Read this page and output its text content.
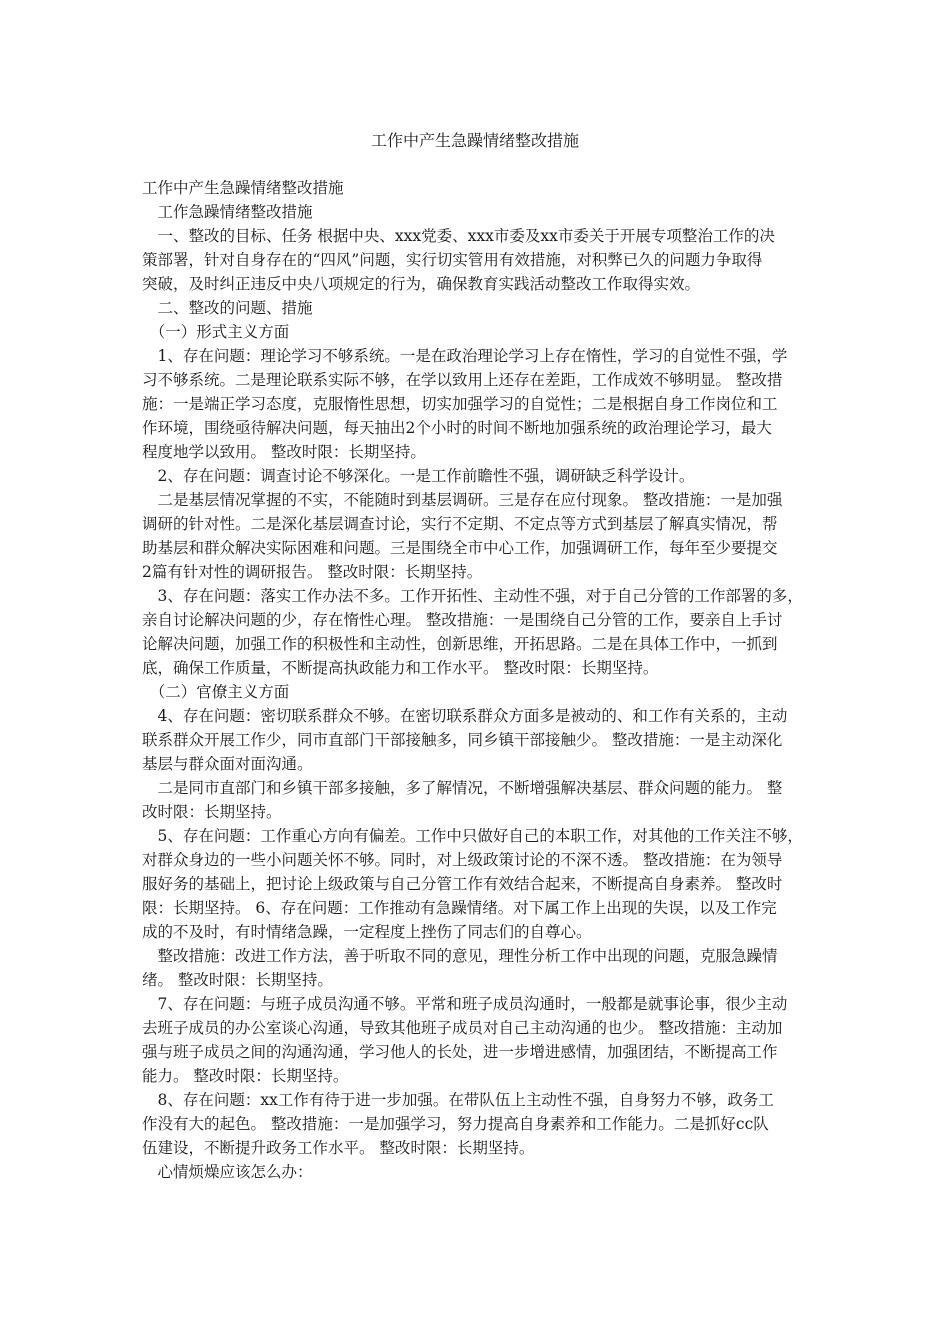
工作中产生急躁情绪整改措施
工作中产生急躁情绪整改措施
　工作急躁情绪整改措施
　一、整改的目标、任务 根据中央、xxx党委、xxx市委及xx市委关于开展专项整治工作的决
策部署，针对自身存在的“四风”问题，实行切实管用有效措施，对积弊已久的问题力争取得
突破，及时纠正违反中央八项规定的行为，确保教育实践活动整改工作取得实效。
　二、整改的问题、措施
　（一）形式主义方面
　1、存在问题：理论学习不够系统。一是在政治理论学习上存在惰性，学习的自觉性不强，学
习不够系统。二是理论联系实际不够，在学以致用上还存在差距，工作成效不够明显。 整改措
施：一是端正学习态度，克服惰性思想，切实加强学习的自觉性；二是根据自身工作岗位和工
作环境，围绕亟待解决问题，每天抽出2个小时的时间不断地加强系统的政治理论学习，最大
程度地学以致用。 整改时限：长期坚持。
　2、存在问题：调查讨论不够深化。一是工作前瞻性不强，调研缺乏科学设计。
　二是基层情况掌握的不实，不能随时到基层调研。三是存在应付现象。 整改措施：一是加强
调研的针对性。二是深化基层调查讨论，实行不定期、不定点等方式到基层了解真实情况，帮
助基层和群众解决实际困难和问题。三是围绕全市中心工作，加强调研工作，每年至少要提交
2篇有针对性的调研报告。 整改时限：长期坚持。
　3、存在问题：落实工作办法不多。工作开拓性、主动性不强，对于自己分管的工作部署的多，
亲自讨论解决问题的少，存在惰性心理。 整改措施：一是围绕自己分管的工作，要亲自上手讨
论解决问题，加强工作的积极性和主动性，创新思维，开拓思路。二是在具体工作中，一抓到
底，确保工作质量，不断提高执政能力和工作水平。 整改时限：长期坚持。
　（二）官僚主义方面
　4、存在问题：密切联系群众不够。在密切联系群众方面多是被动的、和工作有关系的，主动
联系群众开展工作少，同市直部门干部接触多，同乡镇干部接触少。 整改措施：一是主动深化
基层与群众面对面沟通。
　二是同市直部门和乡镇干部多接触，多了解情况，不断增强解决基层、群众问题的能力。 整
改时限：长期坚持。
　5、存在问题：工作重心方向有偏差。工作中只做好自己的本职工作，对其他的工作关注不够，
对群众身边的一些小问题关怀不够。同时，对上级政策讨论的不深不透。 整改措施：在为领导
服好务的基础上，把讨论上级政策与自己分管工作有效结合起来，不断提高自身素养。 整改时
限：长期坚持。 6、存在问题：工作推动有急躁情绪。对下属工作上出现的失误，以及工作完
成的不及时，有时情绪急躁，一定程度上挫伤了同志们的自尊心。
　整改措施：改进工作方法，善于听取不同的意见，理性分析工作中出现的问题，克服急躁情
绪。 整改时限：长期坚持。
　7、存在问题：与班子成员沟通不够。平常和班子成员沟通时，一般都是就事论事，很少主动
去班子成员的办公室谈心沟通，导致其他班子成员对自己主动沟通的也少。 整改措施：主动加
强与班子成员之间的沟通沟通，学习他人的长处，进一步增进感情，加强团结，不断提高工作
能力。 整改时限：长期坚持。
　8、存在问题：xx工作有待于进一步加强。在带队伍上主动性不强，自身努力不够，政务工
作没有大的起色。 整改措施：一是加强学习，努力提高自身素养和工作能力。二是抓好cc队
伍建设，不断提升政务工作水平。 整改时限：长期坚持。
　心情烦燥应该怎么办：
